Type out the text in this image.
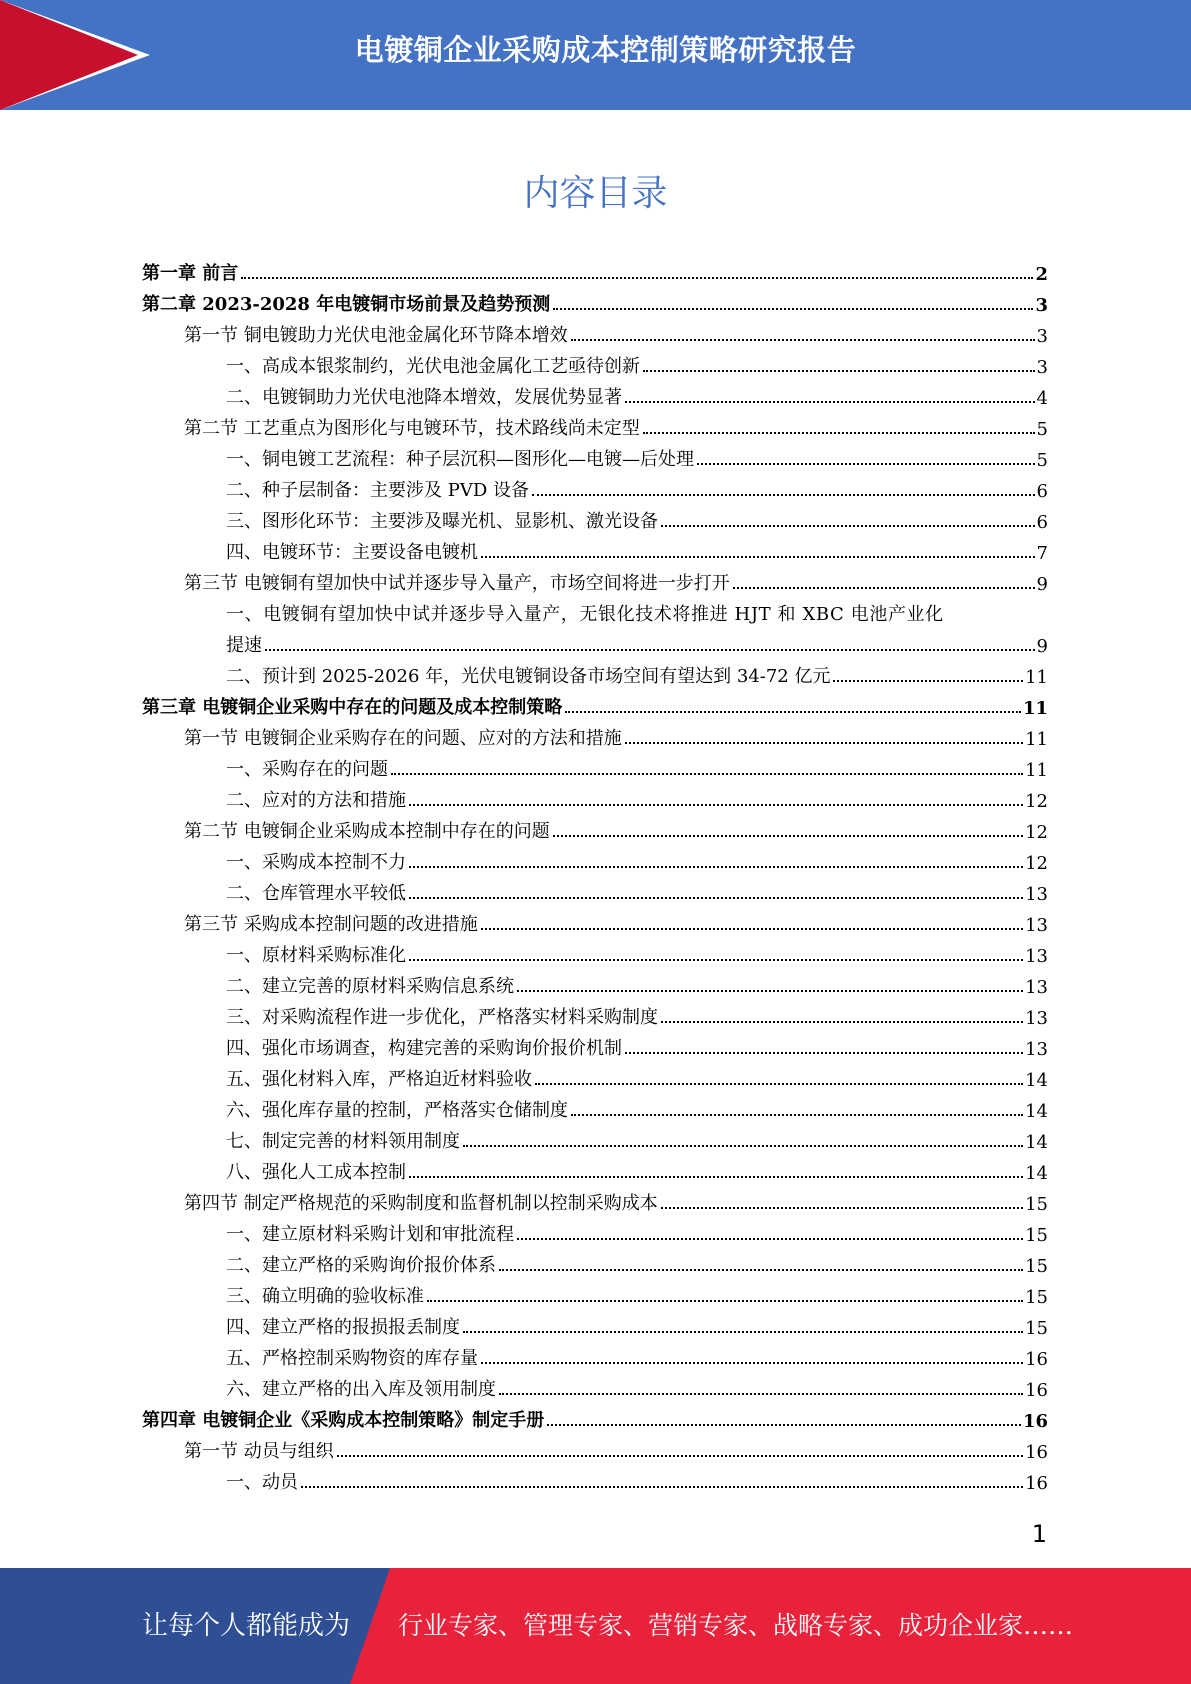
电镀铜企业采购成本控制策略研究报告
内容目录
第一章 前言	2
第二章 2023-2028 年电镀铜市场前景及趋势预测	3
第一节 铜电镀助力光伏电池金属化环节降本增效	3
一、高成本银浆制约，光伏电池金属化工艺亟待创新	3
二、电镀铜助力光伏电池降本增效，发展优势显著	4
第二节 工艺重点为图形化与电镀环节，技术路线尚未定型	5
一、铜电镀工艺流程：种子层沉积—图形化—电镀—后处理	5
二、种子层制备：主要涉及 PVD 设备	6
三、图形化环节：主要涉及曝光机、显影机、激光设备	6
四、电镀环节：主要设备电镀机	7
第三节 电镀铜有望加快中试并逐步导入量产，市场空间将进一步打开	9
一、电镀铜有望加快中试并逐步导入量产，无银化技术将推进 HJT 和 XBC 电池产业化
提速	9
二、预计到 2025-2026 年，光伏电镀铜设备市场空间有望达到 34-72 亿元	11
第三章 电镀铜企业采购中存在的问题及成本控制策略	11
第一节 电镀铜企业采购存在的问题、应对的方法和措施	11
一、采购存在的问题	11
二、应对的方法和措施	12
第二节 电镀铜企业采购成本控制中存在的问题	12
一、采购成本控制不力	12
二、仓库管理水平较低	13
第三节 采购成本控制问题的改进措施	13
一、原材料采购标准化	13
二、建立完善的原材料采购信息系统	13
三、对采购流程作进一步优化，严格落实材料采购制度	13
四、强化市场调查，构建完善的采购询价报价机制	13
五、强化材料入库，严格迫近材料验收	14
六、强化库存量的控制，严格落实仓储制度	14
七、制定完善的材料领用制度	14
八、强化人工成本控制	14
第四节 制定严格规范的采购制度和监督机制以控制采购成本	15
一、建立原材料采购计划和审批流程	15
二、建立严格的采购询价报价体系	15
三、确立明确的验收标准	15
四、建立严格的报损报丢制度	15
五、严格控制采购物资的库存量	16
六、建立严格的出入库及领用制度	16
第四章 电镀铜企业《采购成本控制策略》制定手册	16
第一节 动员与组织	16
一、动员	16
1
让每个人都能成为 行业专家、管理专家、营销专家、战略专家、成功企业家……
